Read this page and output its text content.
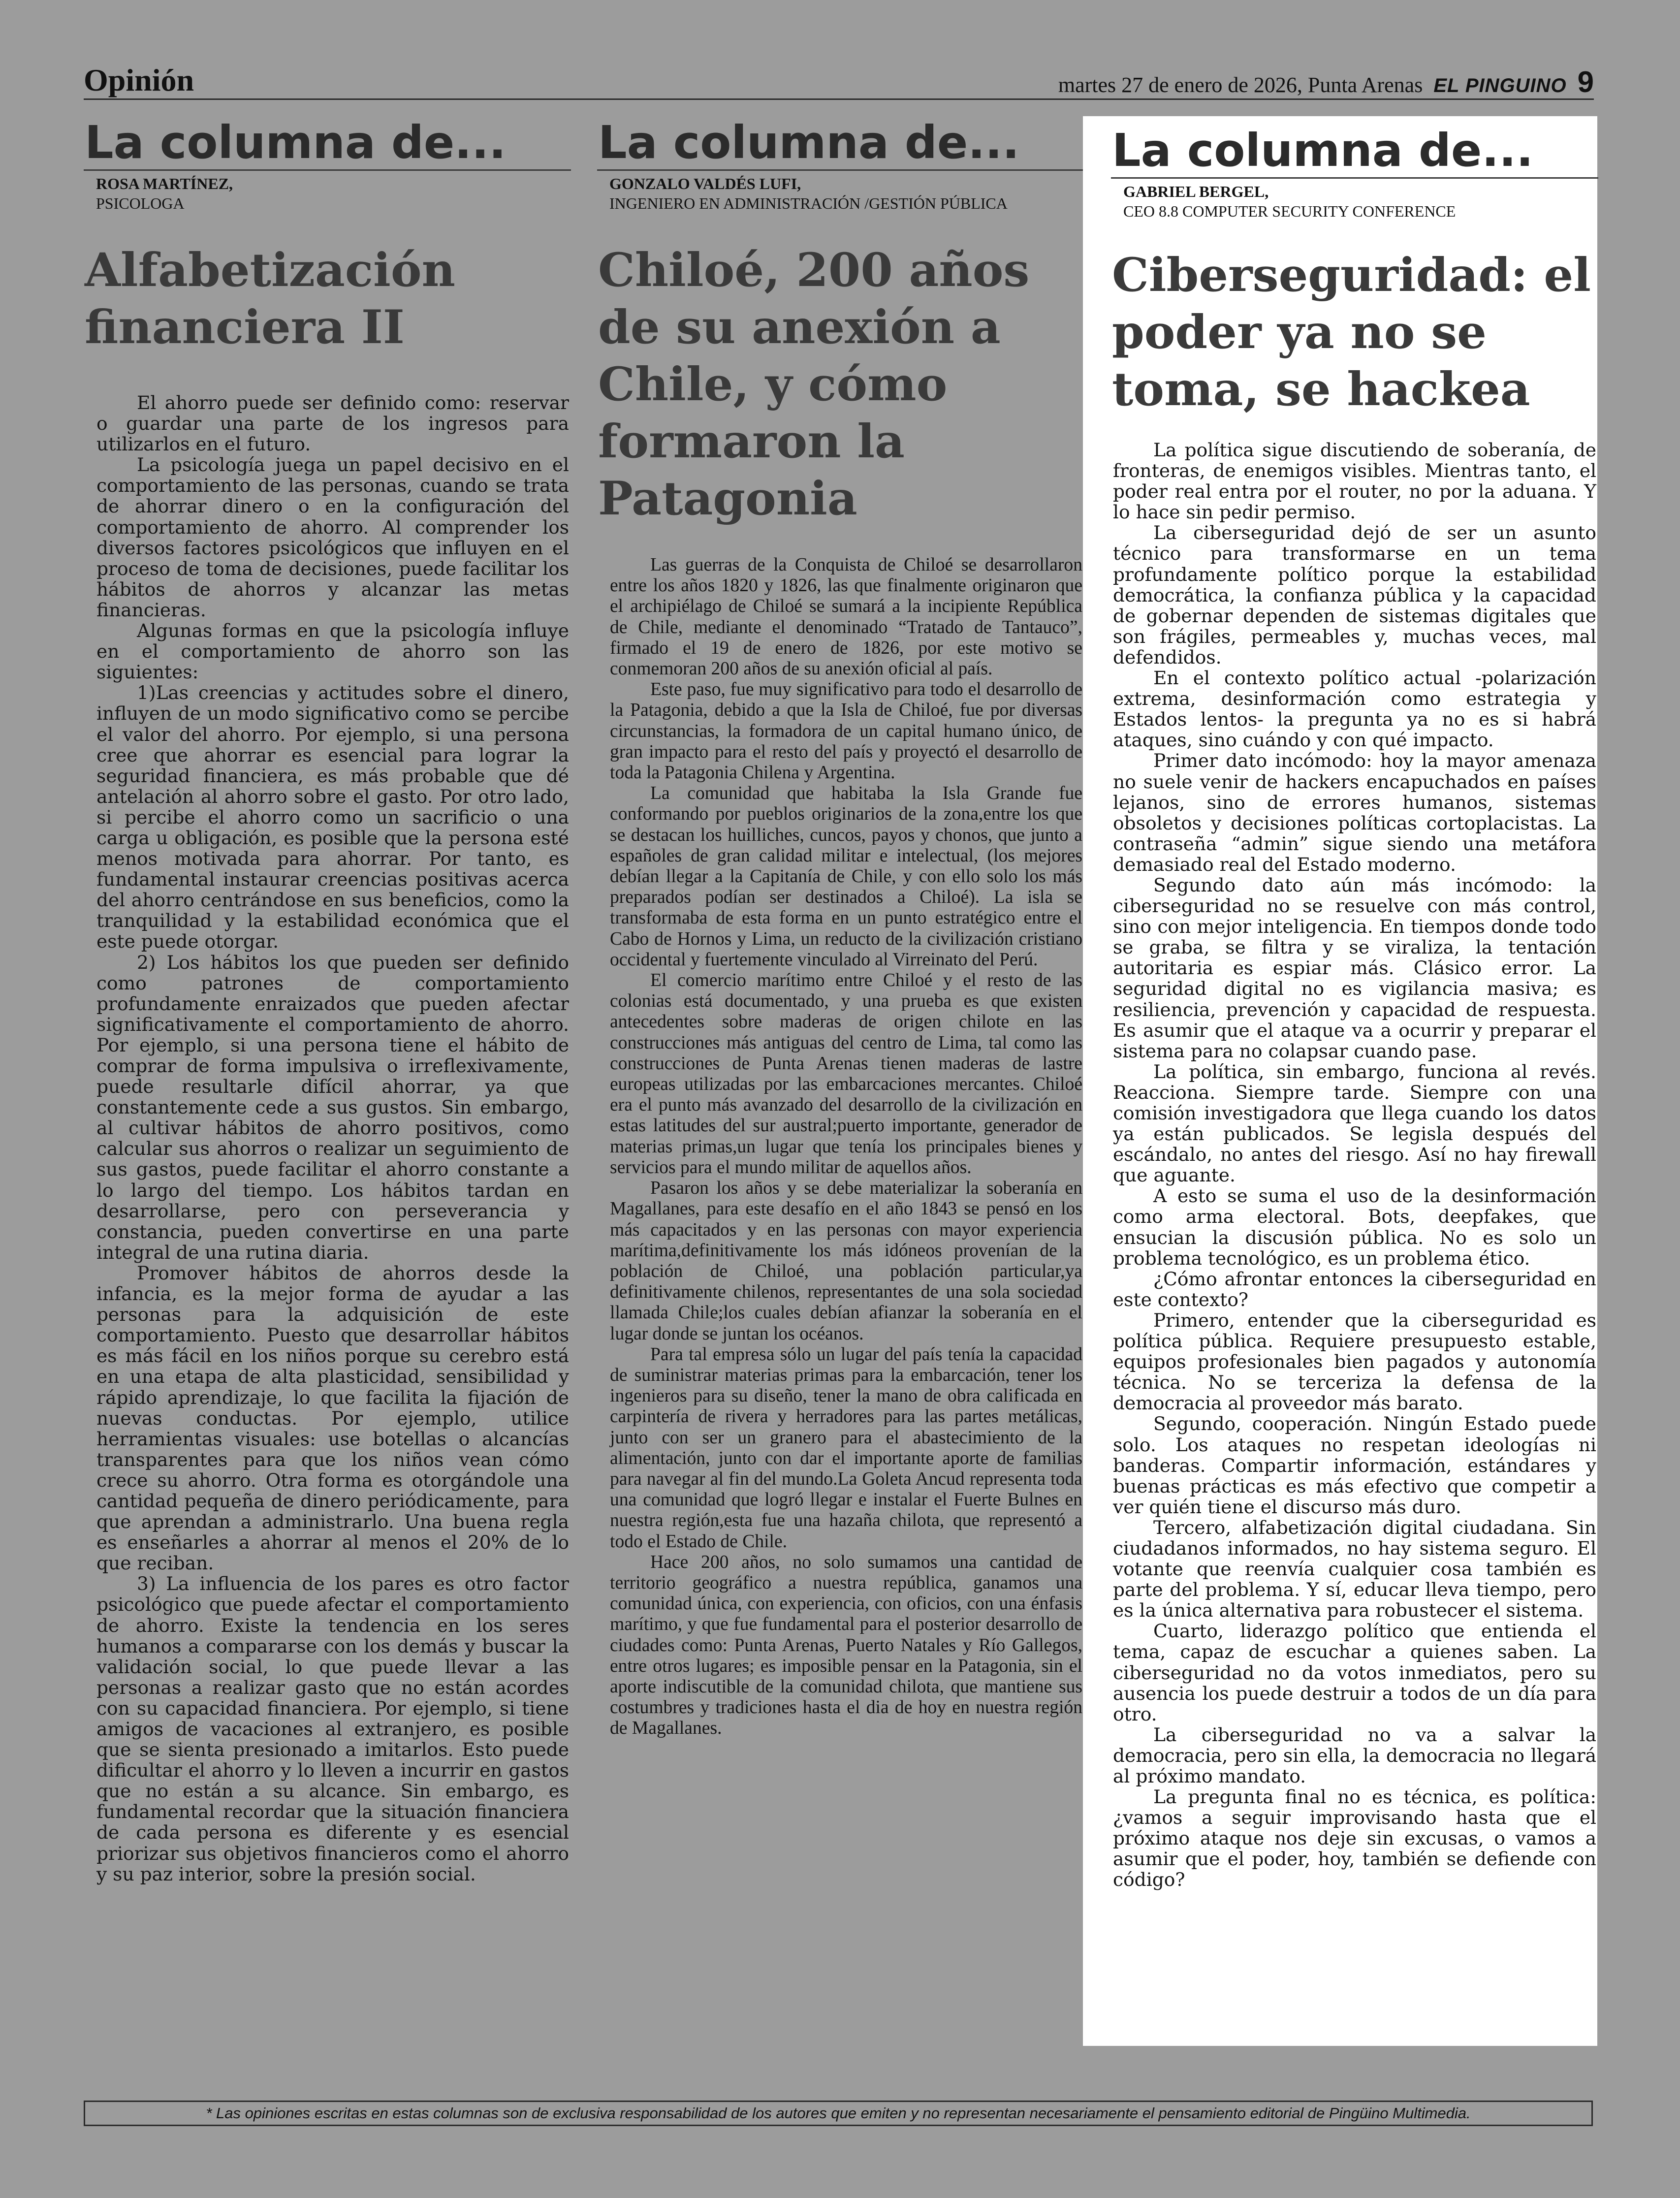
Opinión	martes 27 de enero de 2026, Punta Arenas EL PINGUINO 9
La columna de...
ROSA MARTÍNEZ,
PSICOLOGA
Alfabetización financiera II

El ahorro puede ser definido como: reservar o guardar una parte de los ingresos para utilizarlos en el futuro.

La psicología juega un papel decisivo en el comportamiento de las personas, cuando se trata de ahorrar dinero o en la configuración del comportamiento de ahorro. Al comprender los diversos factores psicológicos que influyen en el proceso de toma de decisiones, puede facilitar los hábitos de ahorros y alcanzar las metas financieras.

Algunas formas en que la psicología influye en el comportamiento de ahorro son las siguientes:

1)Las creencias y actitudes sobre el dinero, influyen de un modo significativo como se percibe el valor del ahorro. Por ejemplo, si una persona cree que ahorrar es esencial para lograr la seguridad financiera, es más probable que dé antelación al ahorro sobre el gasto. Por otro lado, si percibe el ahorro como un sacrificio o una carga u obligación, es posible que la persona esté menos motivada para ahorrar. Por tanto, es fundamental instaurar creencias positivas acerca del ahorro centrándose en sus beneficios, como la tranquilidad y la estabilidad económica que el este puede otorgar.

2) Los hábitos los que pueden ser definido como patrones de comportamiento profundamente enraizados que pueden afectar significativamente el comportamiento de ahorro. Por ejemplo, si una persona tiene el hábito de comprar de forma impulsiva o irreflexivamente, puede resultarle difícil ahorrar, ya que constantemente cede a sus gustos. Sin embargo, al cultivar hábitos de ahorro positivos, como calcular sus ahorros o realizar un seguimiento de sus gastos, puede facilitar el ahorro constante a lo largo del tiempo. Los hábitos tardan en desarrollarse, pero con perseverancia y constancia, pueden convertirse en una parte integral de una rutina diaria.

Promover hábitos de ahorros desde la infancia, es la mejor forma de ayudar a las personas para la adquisición de este comportamiento. Puesto que desarrollar hábitos es más fácil en los niños porque su cerebro está en una etapa de alta plasticidad, sensibilidad y rápido aprendizaje, lo que facilita la fijación de nuevas conductas. Por ejemplo, utilice herramientas visuales: use botellas o alcancías transparentes para que los niños vean cómo crece su ahorro. Otra forma es otorgándole una cantidad pequeña de dinero periódicamente, para que aprendan a administrarlo. Una buena regla es enseñarles a ahorrar al menos el 20% de lo que reciban.

3) La influencia de los pares es otro factor psicológico que puede afectar el comportamiento de ahorro. Existe la tendencia en los seres humanos a compararse con los demás y buscar la validación social, lo que puede llevar a las personas a realizar gasto que no están acordes con su capacidad financiera. Por ejemplo, si tiene amigos de vacaciones al extranjero, es posible que se sienta presionado a imitarlos. Esto puede dificultar el ahorro y lo lleven a incurrir en gastos que no están a su alcance. Sin embargo, es fundamental recordar que la situación financiera de cada persona es diferente y es esencial priorizar sus objetivos financieros como el ahorro y su paz interior, sobre la presión social.

La columna de...
GONZALO VALDÉS LUFI,
INGENIERO EN ADMINISTRACIÓN /GESTIÓN PÚBLICA
Chiloé, 200 años de su anexión a Chile, y cómo formaron la Patagonia

Las guerras de la Conquista de Chiloé se desarrollaron entre los años 1820 y 1826, las que finalmente originaron que el archipiélago de Chiloé se sumará a la incipiente República de Chile, mediante el denominado “Tratado de Tantauco”, firmado el 19 de enero de 1826, por este motivo se conmemoran 200 años de su anexión oficial al país.

Este paso, fue muy significativo para todo el desarrollo de la Patagonia, debido a que la Isla de Chiloé, fue por diversas circunstancias, la formadora de un capital humano único, de gran impacto para el resto del país y proyectó el desarrollo de toda la Patagonia Chilena y Argentina.

La comunidad que habitaba la Isla Grande fue conformando por pueblos originarios de la zona,entre los que se destacan los huilliches, cuncos, payos y chonos, que junto a españoles de gran calidad militar e intelectual, (los mejores debían llegar a la Capitanía de Chile, y con ello solo los más preparados podían ser destinados a Chiloé). La isla se transformaba de esta forma en un punto estratégico entre el Cabo de Hornos y Lima, un reducto de la civilización cristiano occidental y fuertemente vinculado al Virreinato del Perú.

El comercio marítimo entre Chiloé y el resto de las colonias está documentado, y una prueba es que existen antecedentes sobre maderas de origen chilote en las construcciones más antiguas del centro de Lima, tal como las construcciones de Punta Arenas tienen maderas de lastre europeas utilizadas por las embarcaciones mercantes. Chiloé era el punto más avanzado del desarrollo de la civilización en estas latitudes del sur austral;puerto importante, generador de materias primas,un lugar que tenía los principales bienes y servicios para el mundo militar de aquellos años.

Pasaron los años y se debe materializar la soberanía en Magallanes, para este desafío en el año 1843 se pensó en los más capacitados y en las personas con mayor experiencia marítima,definitivamente los más idóneos provenían de la población de Chiloé, una población particular,ya definitivamente chilenos, representantes de una sola sociedad llamada Chile;los cuales debían afianzar la soberanía en el lugar donde se juntan los océanos.

Para tal empresa sólo un lugar del país tenía la capacidad de suministrar materias primas para la embarcación, tener los ingenieros para su diseño, tener la mano de obra calificada en carpintería de rivera y herradores para las partes metálicas, junto con ser un granero para el abastecimiento de la alimentación, junto con dar el importante aporte de familias para navegar al fin del mundo.La Goleta Ancud representa toda una comunidad que logró llegar e instalar el Fuerte Bulnes en nuestra región,esta fue una hazaña chilota, que representó a todo el Estado de Chile.

Hace 200 años, no solo sumamos una cantidad de territorio geográfico a nuestra república, ganamos una comunidad única, con experiencia, con oficios, con una énfasis marítimo, y que fue fundamental para el posterior desarrollo de ciudades como: Punta Arenas, Puerto Natales y Río Gallegos, entre otros lugares; es imposible pensar en la Patagonia, sin el aporte indiscutible de la comunidad chilota, que mantiene sus costumbres y tradiciones hasta el dia de hoy en nuestra región de Magallanes.

La columna de...
GABRIEL BERGEL,
CEO 8.8 COMPUTER SECURITY CONFERENCE
Ciberseguridad: el poder ya no se toma, se hackea

La política sigue discutiendo de soberanía, de fronteras, de enemigos visibles. Mientras tanto, el poder real entra por el router, no por la aduana. Y lo hace sin pedir permiso.

La ciberseguridad dejó de ser un asunto técnico para transformarse en un tema profundamente político porque la estabilidad democrática, la confianza pública y la capacidad de gobernar dependen de sistemas digitales que son frágiles, permeables y, muchas veces, mal defendidos.

En el contexto político actual -polarización extrema, desinformación como estrategia y Estados lentos- la pregunta ya no es si habrá ataques, sino cuándo y con qué impacto.

Primer dato incómodo: hoy la mayor amenaza no suele venir de hackers encapuchados en países lejanos, sino de errores humanos, sistemas obsoletos y decisiones políticas cortoplacistas. La contraseña “admin” sigue siendo una metáfora demasiado real del Estado moderno.

Segundo dato aún más incómodo: la ciberseguridad no se resuelve con más control, sino con mejor inteligencia. En tiempos donde todo se graba, se filtra y se viraliza, la tentación autoritaria es espiar más. Clásico error. La seguridad digital no es vigilancia masiva; es resiliencia, prevención y capacidad de respuesta. Es asumir que el ataque va a ocurrir y preparar el sistema para no colapsar cuando pase.

La política, sin embargo, funciona al revés. Reacciona. Siempre tarde. Siempre con una comisión investigadora que llega cuando los datos ya están publicados. Se legisla después del escándalo, no antes del riesgo. Así no hay firewall que aguante.

A esto se suma el uso de la desinformación como arma electoral. Bots, deepfakes, que ensucian la discusión pública. No es solo un problema tecnológico, es un problema ético.

¿Cómo afrontar entonces la ciberseguridad en este contexto?

Primero, entender que la ciberseguridad es política pública. Requiere presupuesto estable, equipos profesionales bien pagados y autonomía técnica. No se terceriza la defensa de la democracia al proveedor más barato.

Segundo, cooperación. Ningún Estado puede solo. Los ataques no respetan ideologías ni banderas. Compartir información, estándares y buenas prácticas es más efectivo que competir a ver quién tiene el discurso más duro.

Tercero, alfabetización digital ciudadana. Sin ciudadanos informados, no hay sistema seguro. El votante que reenvía cualquier cosa también es parte del problema. Y sí, educar lleva tiempo, pero es la única alternativa para robustecer el sistema.

Cuarto, liderazgo político que entienda el tema, capaz de escuchar a quienes saben. La ciberseguridad no da votos inmediatos, pero su ausencia los puede destruir a todos de un día para otro.

La ciberseguridad no va a salvar la democracia, pero sin ella, la democracia no llegará al próximo mandato.

La pregunta final no es técnica, es política: ¿vamos a seguir improvisando hasta que el próximo ataque nos deje sin excusas, o vamos a asumir que el poder, hoy, también se defiende con código?

* Las opiniones escritas en estas columnas son de exclusiva responsabilidad de los autores que emiten y no representan necesariamente el pensamiento editorial de Pingüino Multimedia.
